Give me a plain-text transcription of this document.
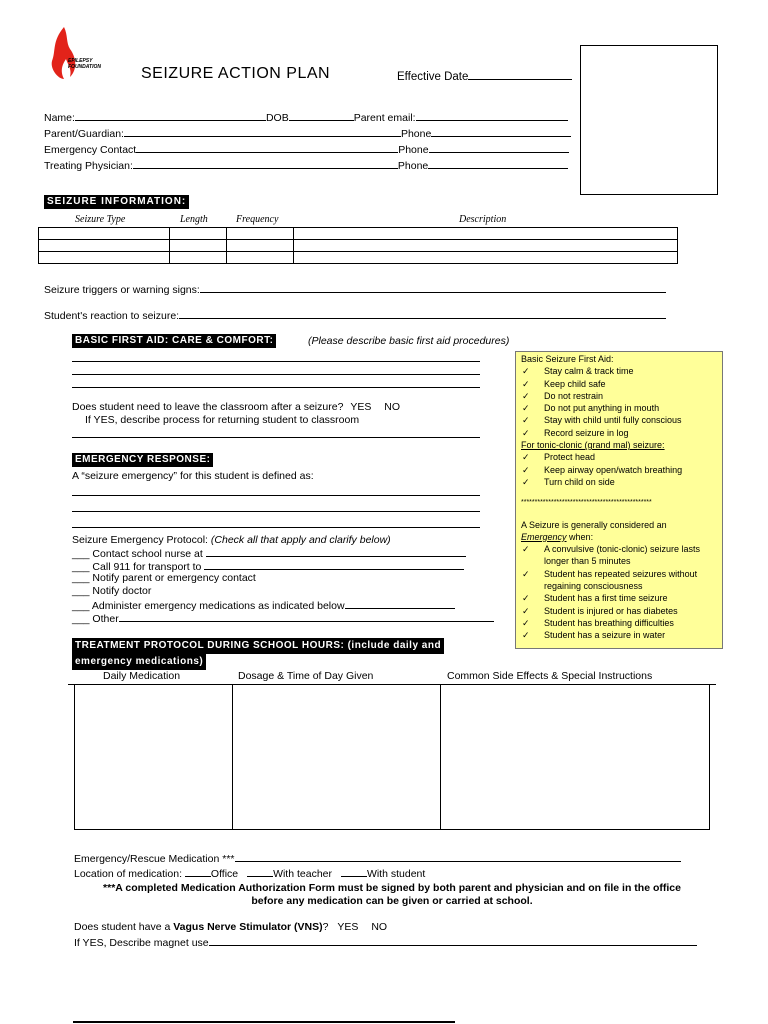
EPILEPSY FOUNDATION	SEIZURE ACTION PLAN	Effective Date
Name:	DOB	Parent email:
Parent/Guardian:	Phone
Emergency Contact	Phone
Treating Physician:	Phone
SEIZURE INFORMATION:
Seizure Type	Length	Frequency	Description

Seizure triggers or warning signs:
Student's reaction to seizure:
BASIC FIRST AID: CARE & COMFORT:	(Please describe basic first aid procedures)
Does student need to leave the classroom after a seizure? YES NO
If YES, describe process for returning student to classroom
EMERGENCY RESPONSE:
A “seizure emergency” for this student is defined as:
Seizure Emergency Protocol: (Check all that apply and clarify below)
___ Contact school nurse at
___ Call 911 for transport to
___ Notify parent or emergency contact
___ Notify doctor
___ Administer emergency medications as indicated below
___ Other
Basic Seizure First Aid:
✓ Stay calm & track time
✓ Keep child safe
✓ Do not restrain
✓ Do not put anything in mouth
✓ Stay with child until fully conscious
✓ Record seizure in log
For tonic-clonic (grand mal) seizure:
✓ Protect head
✓ Keep airway open/watch breathing
✓ Turn child on side
************************************************
A Seizure is generally considered an
Emergency when:
✓ A convulsive (tonic-clonic) seizure lasts longer than 5 minutes
✓ Student has repeated seizures without regaining consciousness
✓ Student has a first time seizure
✓ Student is injured or has diabetes
✓ Student has breathing difficulties
✓ Student has a seizure in water
TREATMENT PROTOCOL DURING SCHOOL HOURS: (include daily and
emergency medications)
Daily Medication	Dosage & Time of Day Given	Common Side Effects & Special Instructions

Emergency/Rescue Medication ***
Location of medication:	Office	With teacher	With student
***A completed Medication Authorization Form must be signed by both parent and physician and on file in the office
before any medication can be given or carried at school.
Does student have a Vagus Nerve Stimulator (VNS)? YES NO
If YES, Describe magnet use
